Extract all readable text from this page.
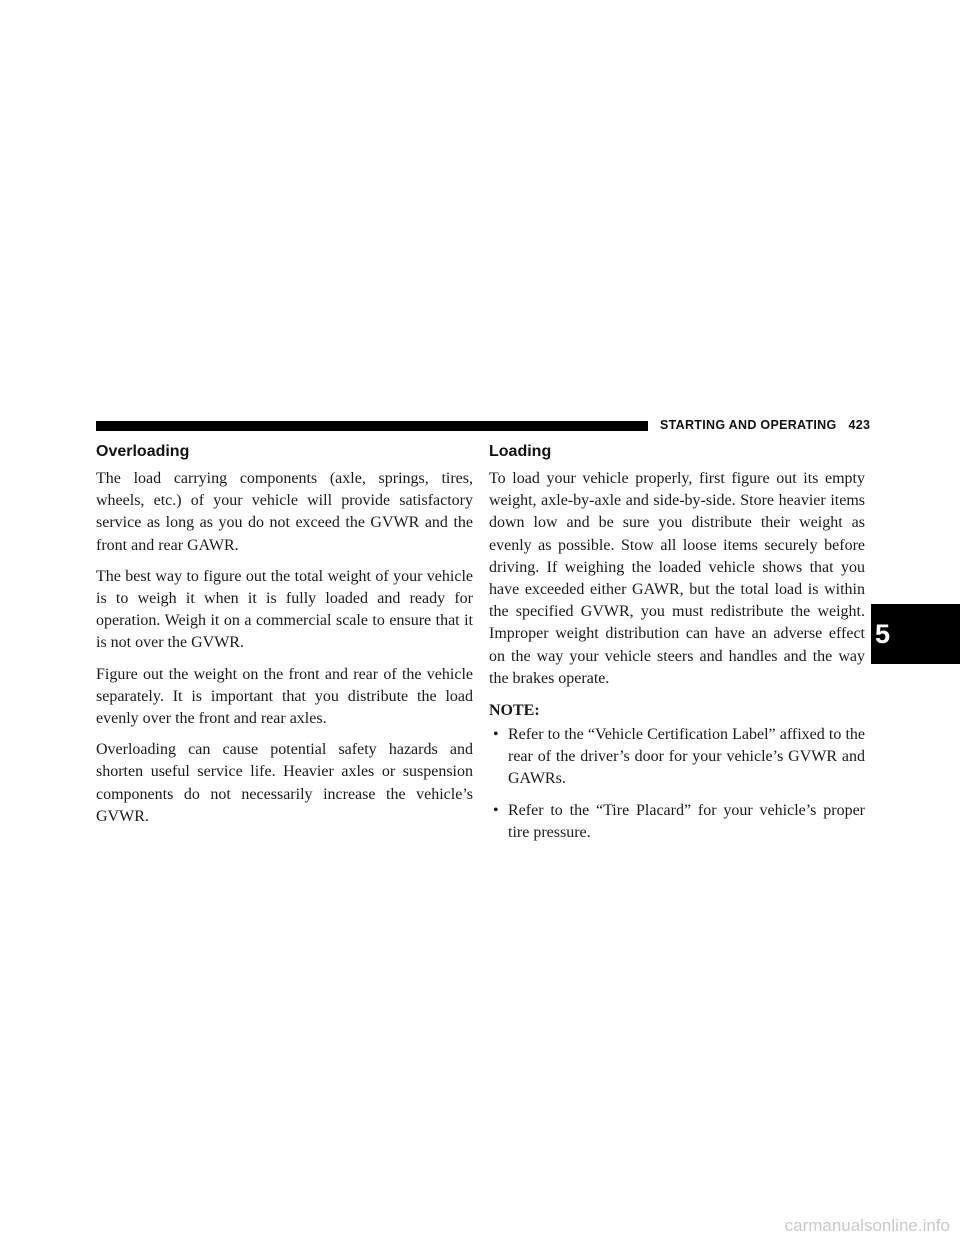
STARTING AND OPERATING 423
Overloading

The load carrying components (axle, springs, tires, wheels, etc.) of your vehicle will provide satisfactory service as long as you do not exceed the GVWR and the front and rear GAWR.

The best way to figure out the total weight of your vehicle is to weigh it when it is fully loaded and ready for operation. Weigh it on a commercial scale to ensure that it is not over the GVWR.

Figure out the weight on the front and rear of the vehicle separately. It is important that you distribute the load evenly over the front and rear axles.

Overloading can cause potential safety hazards and shorten useful service life. Heavier axles or suspension components do not necessarily increase the vehicle’s GVWR.

Loading

To load your vehicle properly, first figure out its empty weight, axle-by-axle and side-by-side. Store heavier items down low and be sure you distribute their weight as evenly as possible. Stow all loose items securely before driving. If weighing the loaded vehicle shows that you have exceeded either GAWR, but the total load is within the specified GVWR, you must redistribute the weight. Improper weight distribution can have an adverse effect on the way your vehicle steers and handles and the way the brakes operate.

NOTE:
• Refer to the “Vehicle Certification Label” affixed to the rear of the driver’s door for your vehicle’s GVWR and GAWRs.
• Refer to the “Tire Placard” for your vehicle’s proper tire pressure.
5
carmanualsonline.info
